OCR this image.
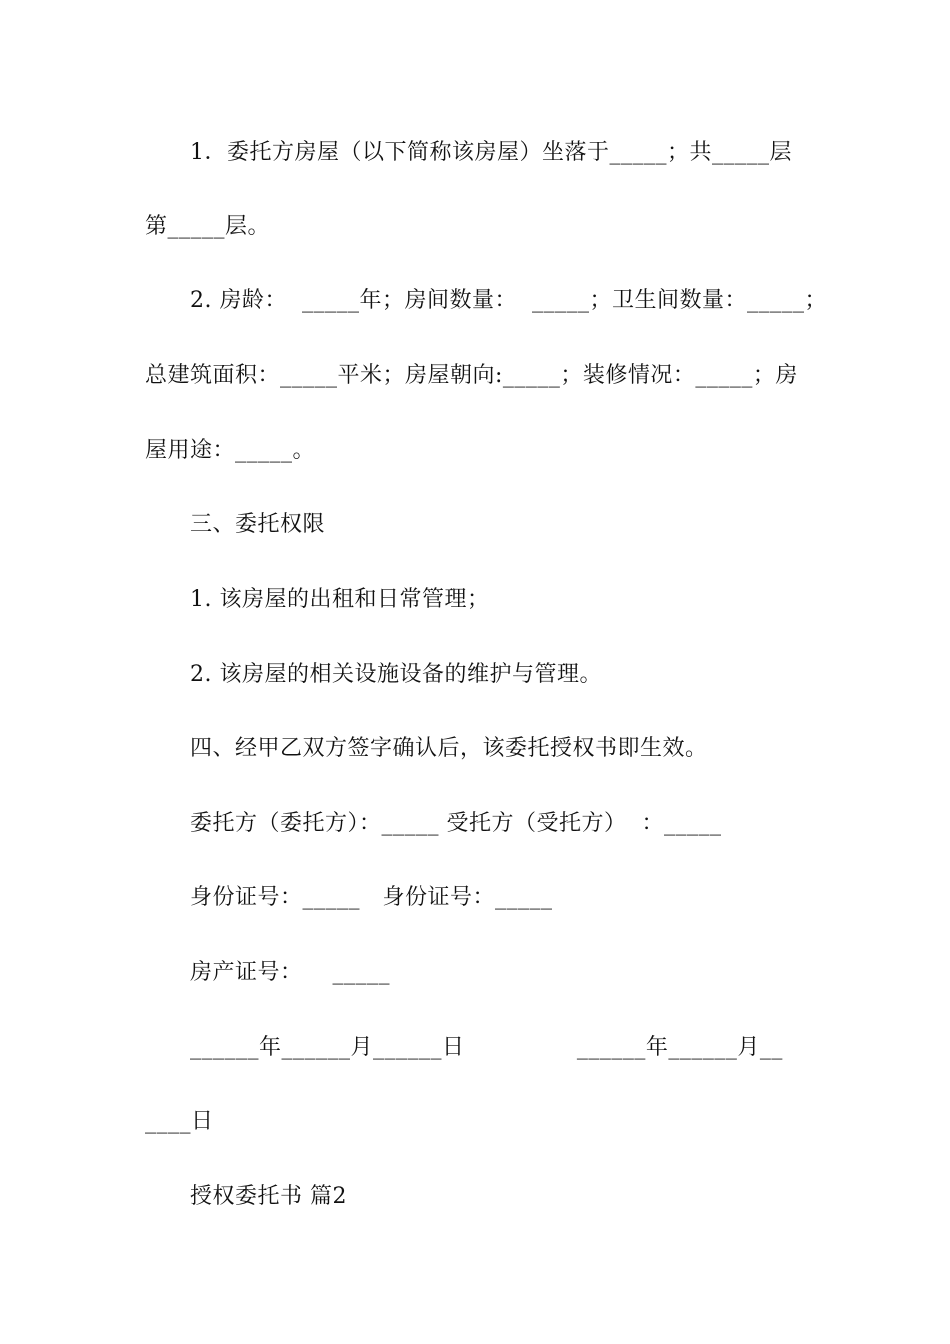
1．委托方房屋（以下简称该房屋）坐落于_____；共_____层
第_____层。
2. 房龄：  _____年；房间数量：  _____；卫生间数量：_____；
总建筑面积：_____平米；房屋朝向:_____；装修情况：_____；房
屋用途：_____。
三、委托权限
1. 该房屋的出租和日常管理；
2. 该房屋的相关设施设备的维护与管理。
四、经甲乙双方签字确认后，该委托授权书即生效。
委托方（委托方）：_____ 受托方（受托方）  ：_____
身份证号：_____   身份证号：_____
房产证号：    _____
______年______月______日               ______年______月__
____日
授权委托书 篇2
